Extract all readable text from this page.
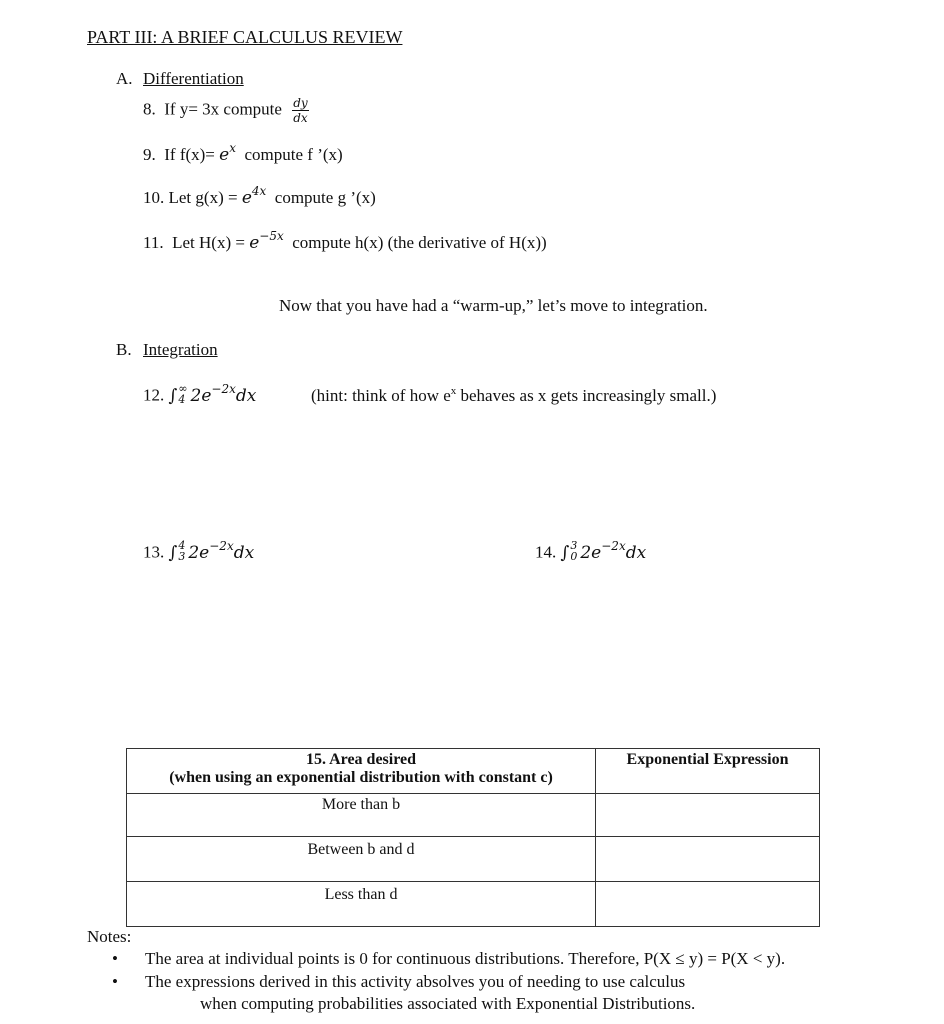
PART III: A BRIEF CALCULUS REVIEW
A. Differentiation
8. If y= 3x compute $\frac{dy}{dx}$
9. If $f(x)= e^x$ compute f ’(x)
10. Let $g(x) = e^{4x}$ compute g ’(x)
11. Let $H(x) = e^{-5x}$ compute h(x) (the derivative of H(x))
Now that you have had a “warm-up,” let’s move to integration.
B. Integration
12. ∫ ∞
4 $2e^{-2x}dx$	(hint: think of how $e^x$ behaves as x gets increasingly small.)
13. ∫ 4
3 $2e^{-2x}dx$	14. ∫ 3
0 $2e^{-2x}dx$
15. Area desired
(when using an exponential distribution with constant c)	Exponential Expression
More than b	
Between b and d	
Less than d	
Notes:
• The area at individual points is 0 for continuous distributions. Therefore, P(X ≤ y) = P(X < y).
• The expressions derived in this activity absolves you of needing to use calculus
when computing probabilities associated with Exponential Distributions.
